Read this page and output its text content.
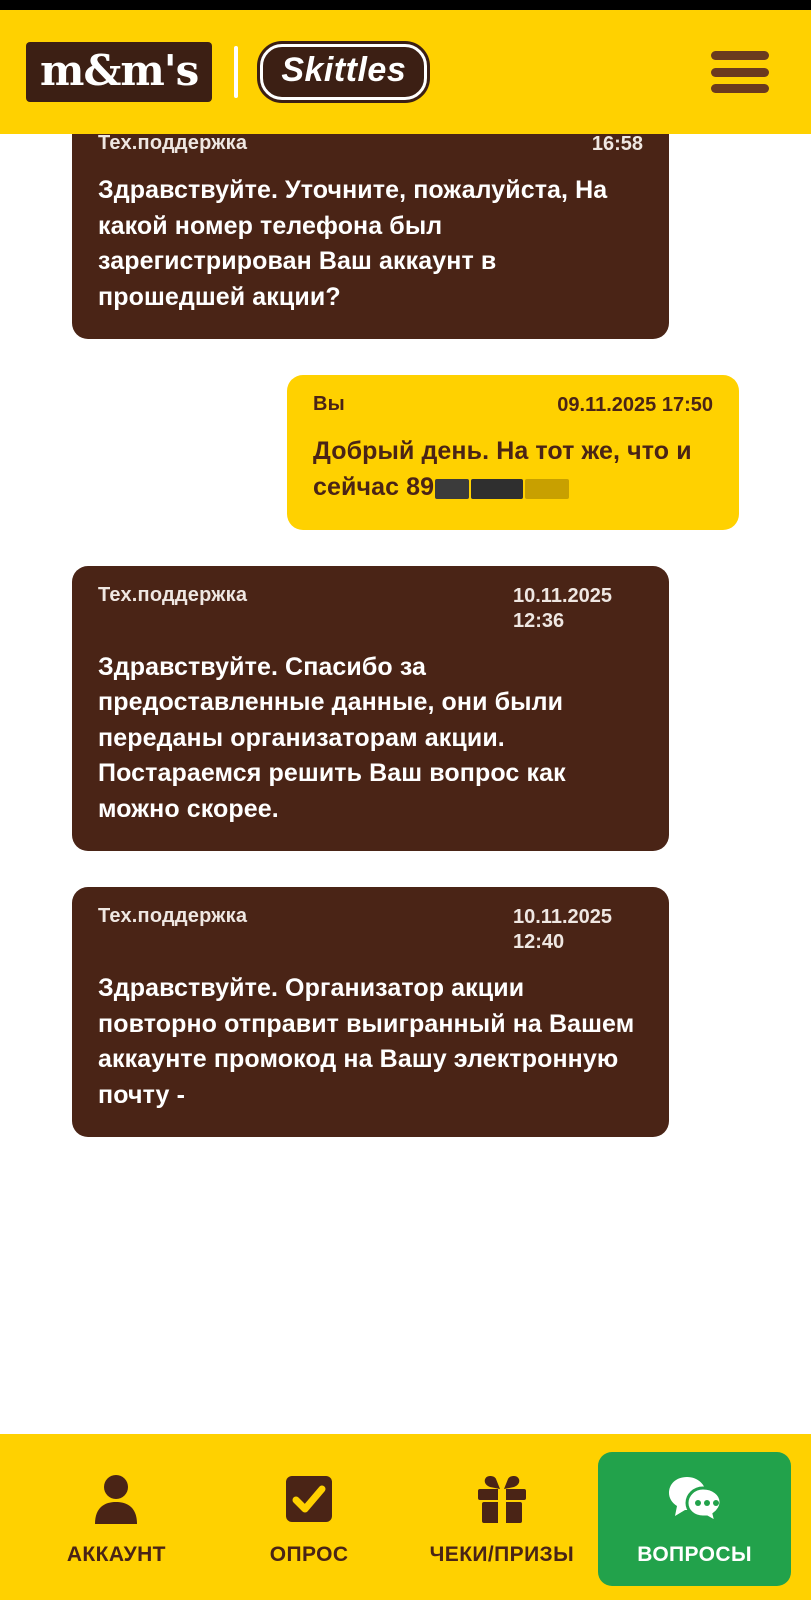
m&m's	Skittles
Тех.поддержка	16:58
Здравствуйте. Уточните, пожалуйста, На какой номер телефона был зарегистрирован Ваш аккаунт в прошедшей акции?
Вы	09.11.2025 17:50
Добрый день. На тот же, что и сейчас 89
Тех.поддержка	10.11.2025 12:36
Здравствуйте. Спасибо за предоставленные данные, они были переданы организаторам акции. Постараемся решить Ваш вопрос как можно скорее.
Тех.поддержка	10.11.2025 12:40
Здравствуйте. Организатор акции повторно отправит выигранный на Вашем аккаунте промокод на Вашу электронную почту -
АККАУНТ	ОПРОС	ЧЕКИ/ПРИЗЫ	ВОПРОСЫ
